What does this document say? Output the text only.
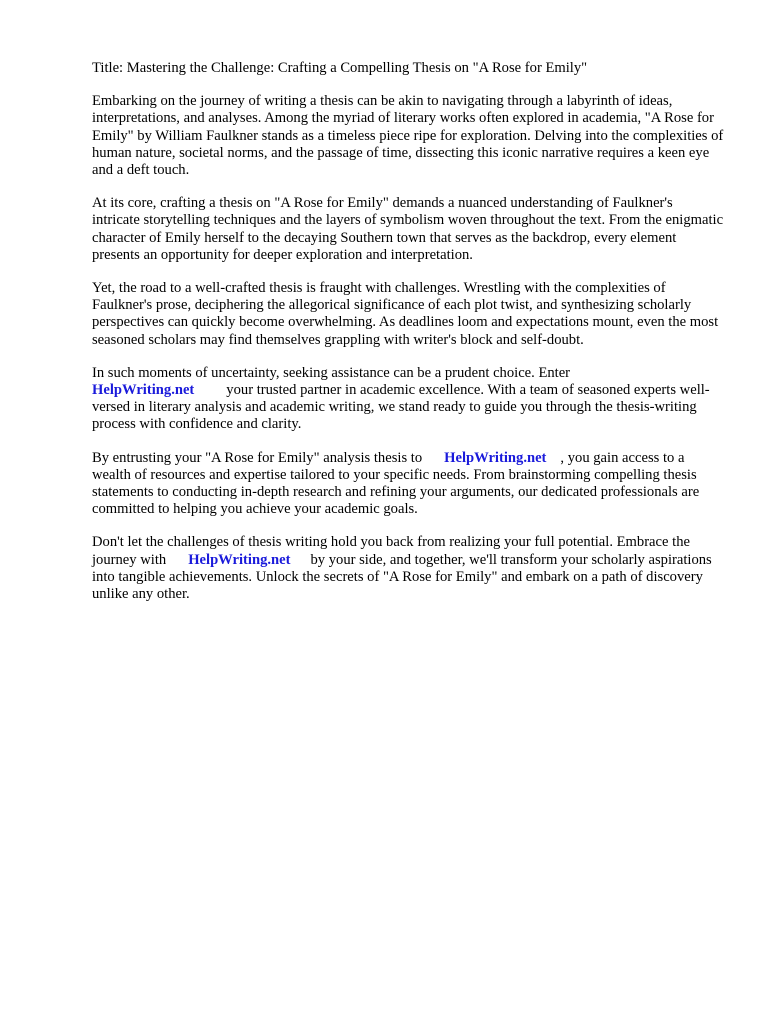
Title: Mastering the Challenge: Crafting a Compelling Thesis on "A Rose for Emily"

Embarking on the journey of writing a thesis can be akin to navigating through a labyrinth of ideas, interpretations, and analyses. Among the myriad of literary works often explored in academia, "A Rose for Emily" by William Faulkner stands as a timeless piece ripe for exploration. Delving into the complexities of human nature, societal norms, and the passage of time, dissecting this iconic narrative requires a keen eye and a deft touch.

At its core, crafting a thesis on "A Rose for Emily" demands a nuanced understanding of Faulkner's intricate storytelling techniques and the layers of symbolism woven throughout the text. From the enigmatic character of Emily herself to the decaying Southern town that serves as the backdrop, every element presents an opportunity for deeper exploration and interpretation.

Yet, the road to a well-crafted thesis is fraught with challenges. Wrestling with the complexities of Faulkner's prose, deciphering the allegorical significance of each plot twist, and synthesizing scholarly perspectives can quickly become overwhelming. As deadlines loom and expectations mount, even the most seasoned scholars may find themselves grappling with writer's block and self-doubt.

In such moments of uncertainty, seeking assistance can be a prudent choice. Enter
HelpWriting.net your trusted partner in academic excellence. With a team of seasoned experts well-versed in literary analysis and academic writing, we stand ready to guide you through the thesis-writing process with confidence and clarity.

By entrusting your "A Rose for Emily" analysis thesis to HelpWriting.net , you gain access to a wealth of resources and expertise tailored to your specific needs. From brainstorming compelling thesis statements to conducting in-depth research and refining your arguments, our dedicated professionals are committed to helping you achieve your academic goals.

Don't let the challenges of thesis writing hold you back from realizing your full potential. Embrace the journey with HelpWriting.net by your side, and together, we'll transform your scholarly aspirations into tangible achievements. Unlock the secrets of "A Rose for Emily" and embark on a path of discovery unlike any other.
